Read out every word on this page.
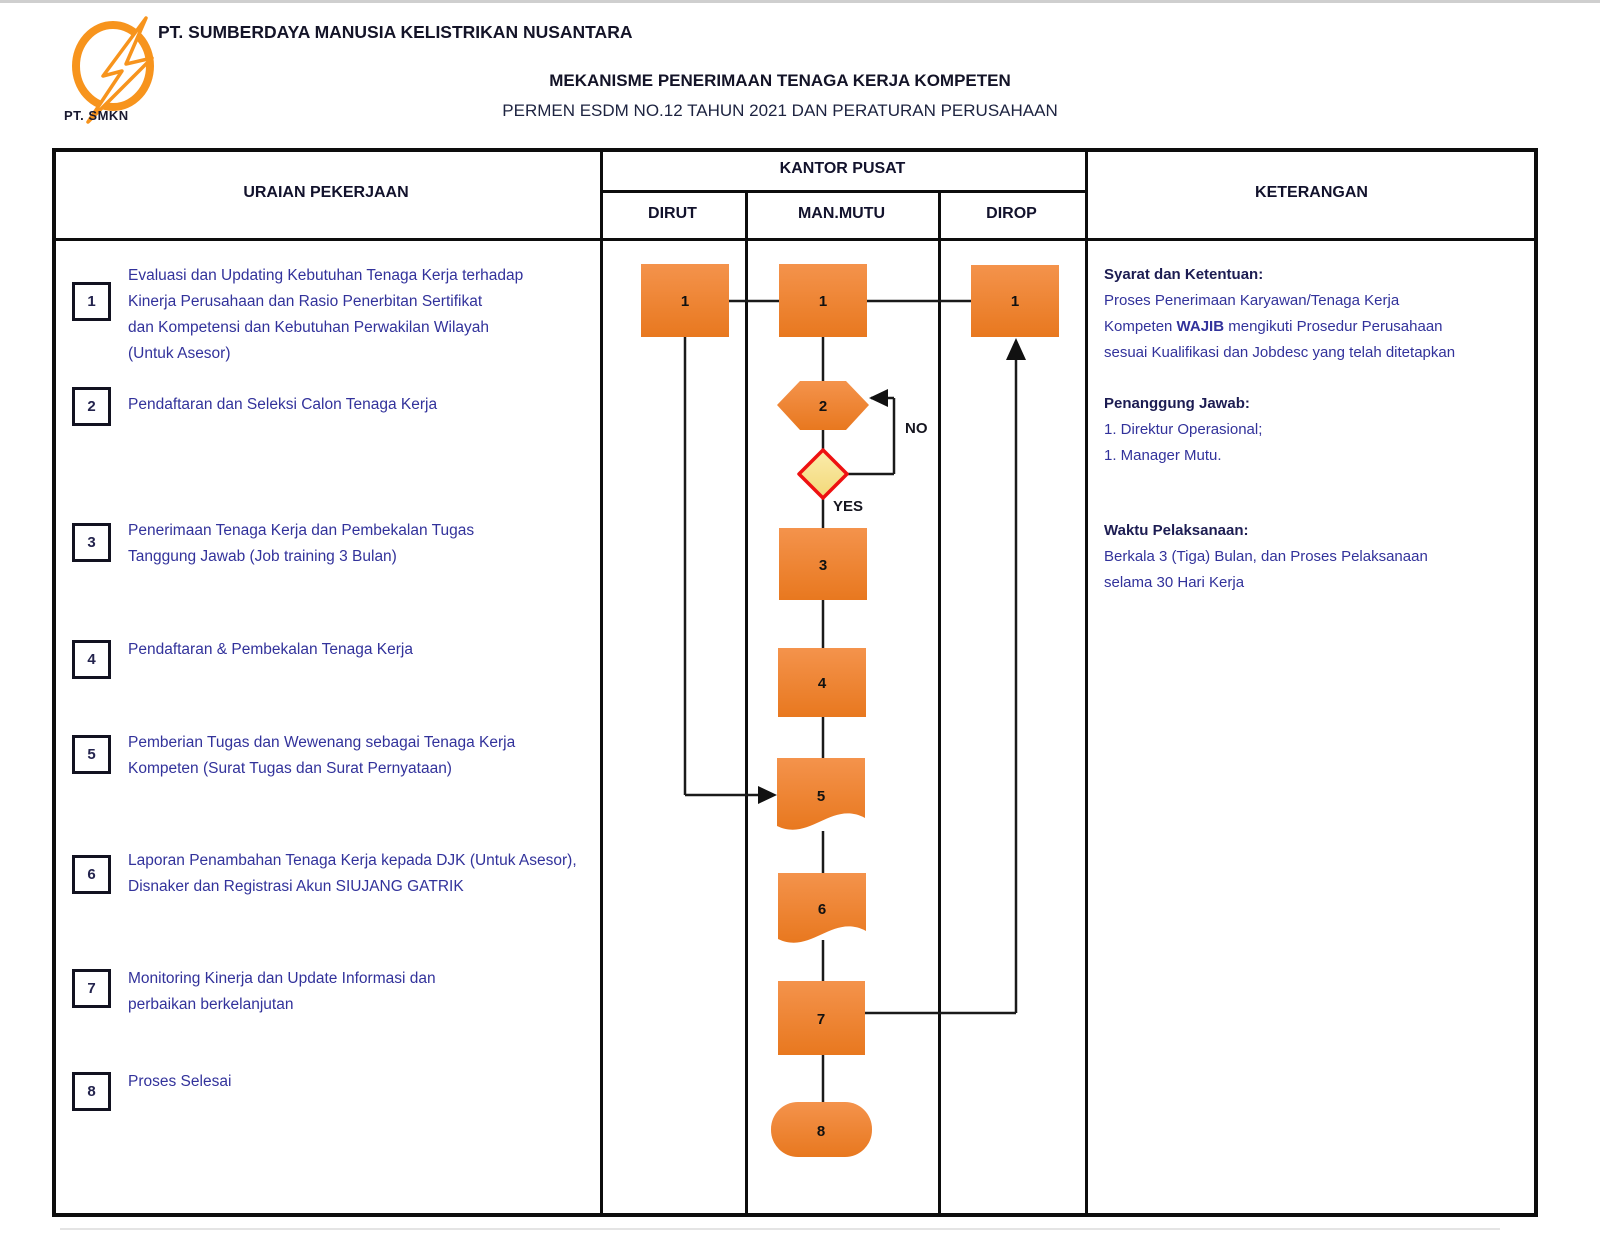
PT. SMKN
PT. SUMBERDAYA MANUSIA KELISTRIKAN NUSANTARA
MEKANISME PENERIMAAN TENAGA KERJA KOMPETEN
PERMEN ESDM NO.12 TAHUN 2021 DAN PERATURAN PERUSAHAAN
URAIAN PEKERJAAN
KANTOR PUSAT
DIRUT	MAN.MUTU	DIROP
KETERANGAN
1
Evaluasi dan Updating Kebutuhan Tenaga Kerja terhadap
Kinerja Perusahaan dan Rasio Penerbitan Sertifikat
dan Kompetensi dan Kebutuhan Perwakilan Wilayah
(Untuk Asesor)
2 Pendaftaran dan Seleksi Calon Tenaga Kerja
3
Penerimaan Tenaga Kerja dan Pembekalan Tugas
Tanggung Jawab (Job training 3 Bulan)
4
Pendaftaran & Pembekalan Tenaga Kerja
5
Pemberian Tugas dan Wewenang sebagai Tenaga Kerja
Kompeten (Surat Tugas dan Surat Pernyataan)
6
Laporan Penambahan Tenaga Kerja kepada DJK (Untuk Asesor),
Disnaker dan Registrasi Akun SIUJANG GATRIK
7
Monitoring Kinerja dan Update Informasi dan
perbaikan berkelanjutan
8
Proses Selesai
1	1	1
2
3
4
5
6
7
8
NO
YES
Syarat dan Ketentuan:
Proses Penerimaan Karyawan/Tenaga Kerja
Kompeten WAJIB mengikuti Prosedur Perusahaan
sesuai Kualifikasi dan Jobdesc yang telah ditetapkan
Penanggung Jawab:
1. Direktur Operasional;
1. Manager Mutu.
Waktu Pelaksanaan:
Berkala 3 (Tiga) Bulan, dan Proses Pelaksanaan
selama 30 Hari Kerja
